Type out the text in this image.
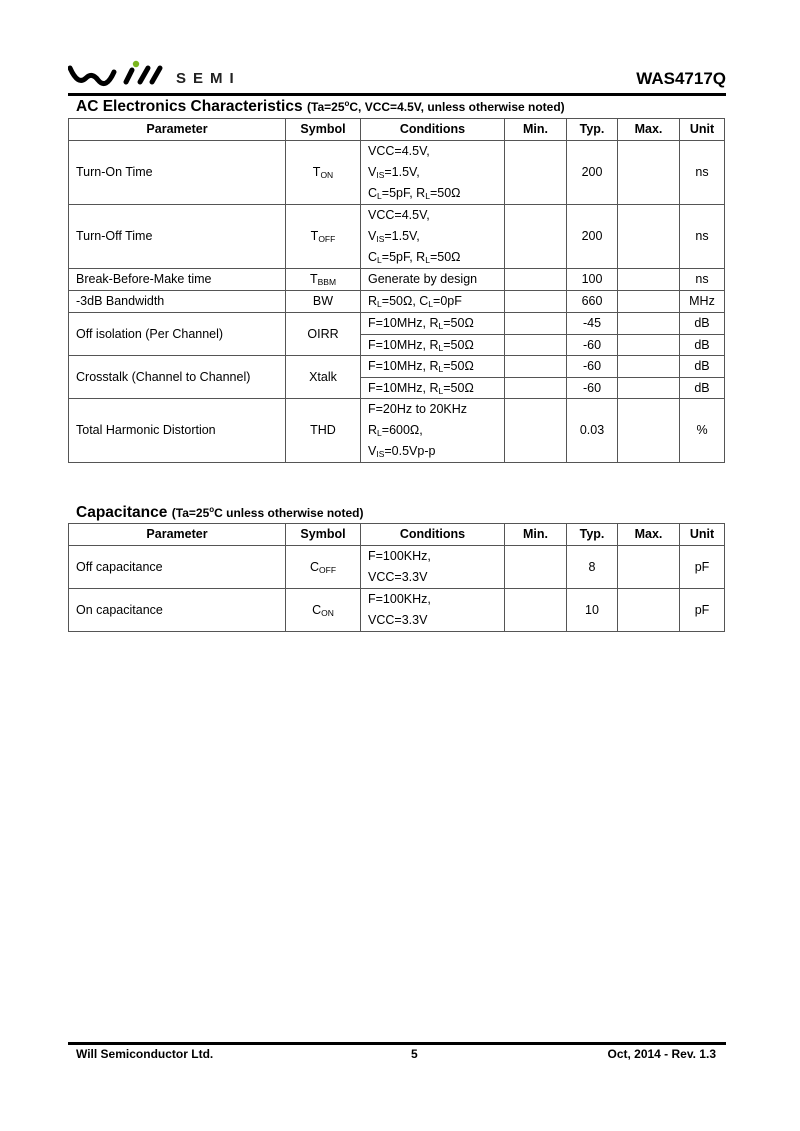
SEMI	WAS4717Q
AC Electronics Characteristics ($Ta=25^oC$, VCC=4.5V, unless otherwise noted)
Parameter	Symbol	Conditions	Min.	Typ.	Max.	Unit
Turn-On Time	$T_{ON}$	VCC=4.5V,
$V_{IS}=1.5V$,
$C_L=5pF$, $R_L=50\Omega$		200		ns
Turn-Off Time	$T_{OFF}$	VCC=4.5V,
$V_{IS}=1.5V$,
$C_L=5pF$, $R_L=50\Omega$		200		ns
Break-Before-Make time	$T_{BBM}$	Generate by design		100		ns
-3dB Bandwidth	BW	$R_L=50\Omega$, $C_L=0pF$		660		MHz
Off isolation (Per Channel)	OIRR	F=10MHz, $R_L=50\Omega$		-45		dB
		F=10MHz, $R_L=50\Omega$		-60		dB
Crosstalk (Channel to Channel)	Xtalk	F=10MHz, $R_L=50\Omega$		-60		dB
		F=10MHz, $R_L=50\Omega$		-60		dB
Total Harmonic Distortion	THD	F=20Hz to 20KHz
$R_L=600\Omega$,
$V_{IS}=0.5Vp-p$		0.03		%
Capacitance ($Ta=25^oC$ unless otherwise noted)
Parameter	Symbol	Conditions	Min.	Typ.	Max.	Unit
Off capacitance	$C_{OFF}$	F=100KHz,
VCC=3.3V		8		pF
On capacitance	$C_{ON}$	F=100KHz,
VCC=3.3V		10		pF
Will Semiconductor Ltd.	5	Oct, 2014 - Rev. 1.3
